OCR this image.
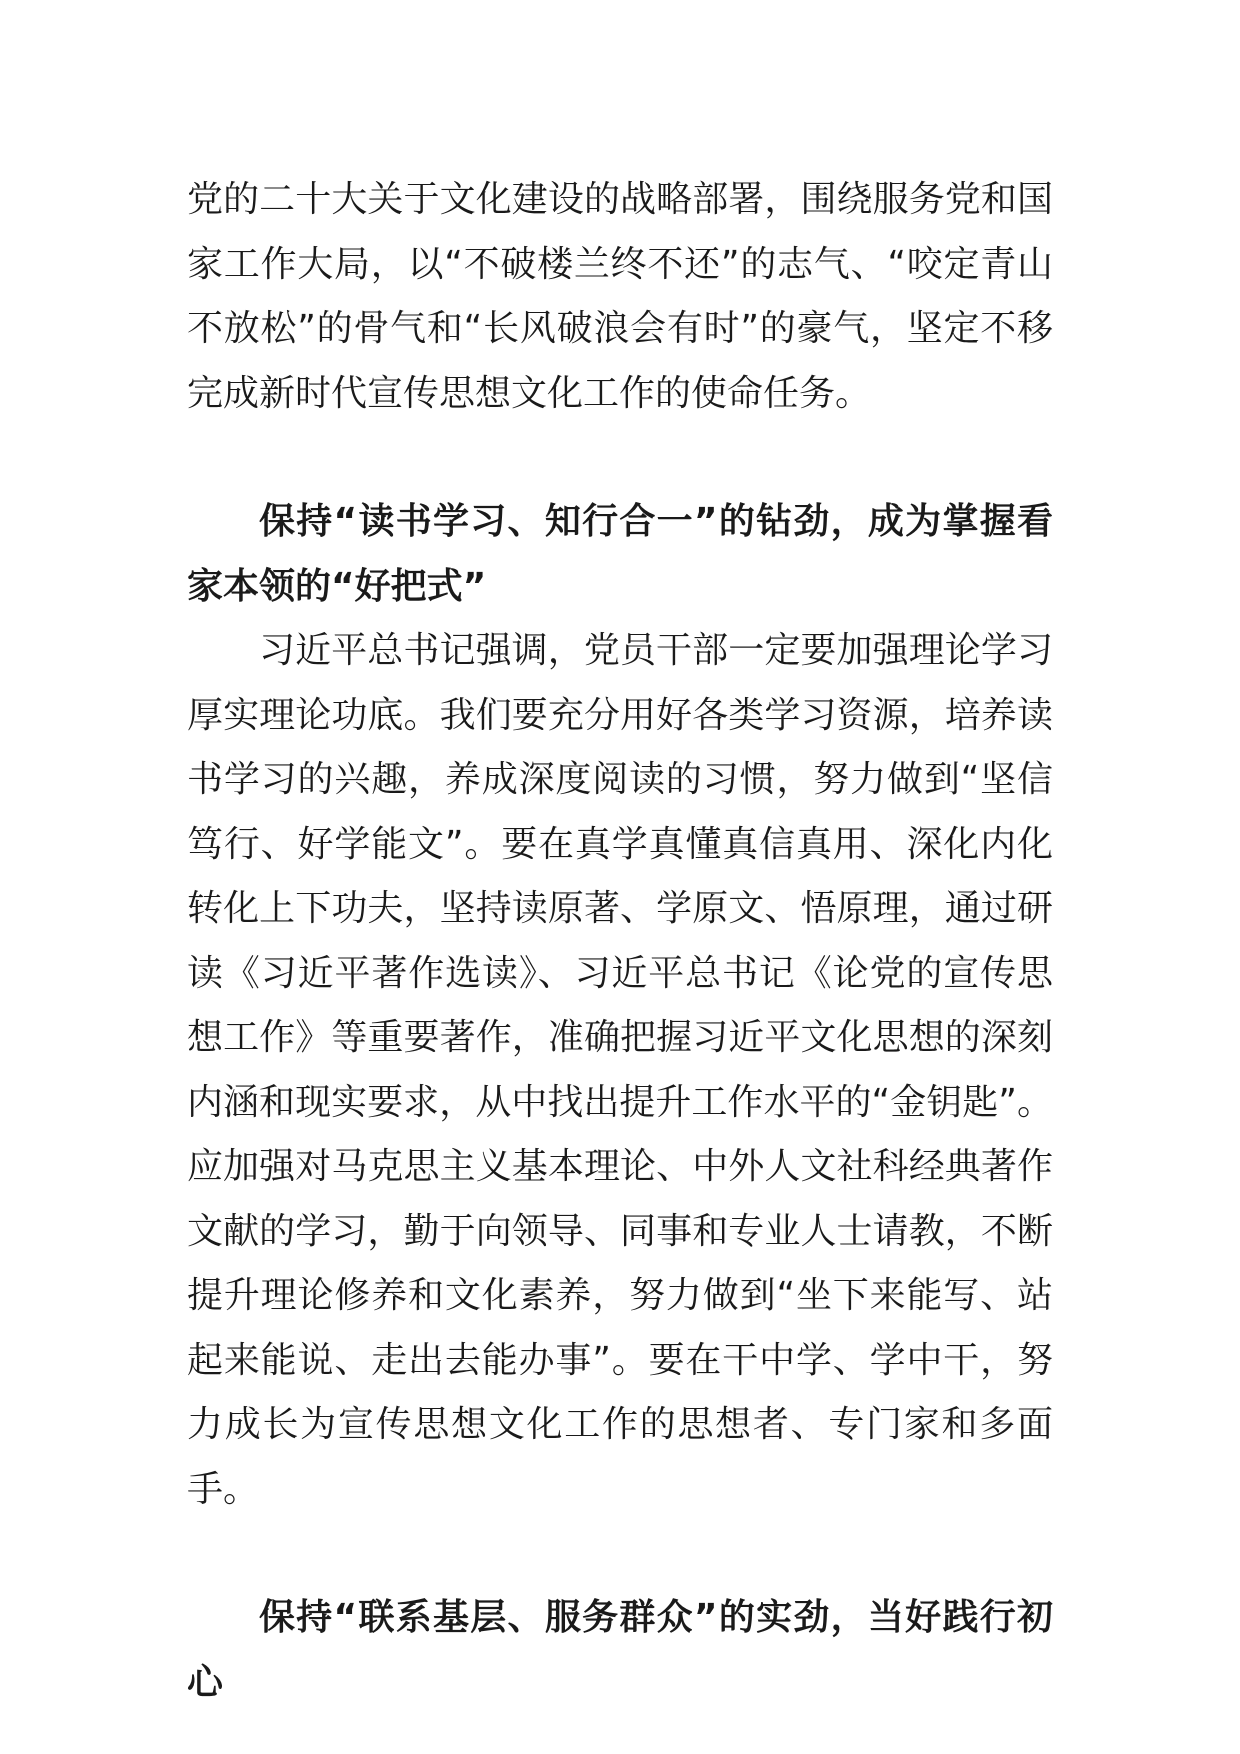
党的二十大关于文化建设的战略部署，围绕服务党和国家工作大局，以“不破楼兰终不还”的志气、“咬定青山不放松”的骨气和“长风破浪会有时”的豪气，坚定不移完成新时代宣传思想文化工作的使命任务。

保持“读书学习、知行合一”的钻劲，成为掌握看家本领的“好把式”

习近平总书记强调，党员干部一定要加强理论学习厚实理论功底。我们要充分用好各类学习资源，培养读书学习的兴趣，养成深度阅读的习惯，努力做到“坚信笃行、好学能文”。要在真学真懂真信真用、深化内化转化上下功夫，坚持读原著、学原文、悟原理，通过研读《习近平著作选读》、习近平总书记《论党的宣传思想工作》等重要著作，准确把握习近平文化思想的深刻内涵和现实要求，从中找出提升工作水平的“金钥匙”。应加强对马克思主义基本理论、中外人文社科经典著作文献的学习，勤于向领导、同事和专业人士请教，不断提升理论修养和文化素养，努力做到“坐下来能写、站起来能说、走出去能办事”。要在干中学、学中干，努力成长为宣传思想文化工作的思想者、专门家和多面手。

保持“联系基层、服务群众”的实劲，当好践行初心
